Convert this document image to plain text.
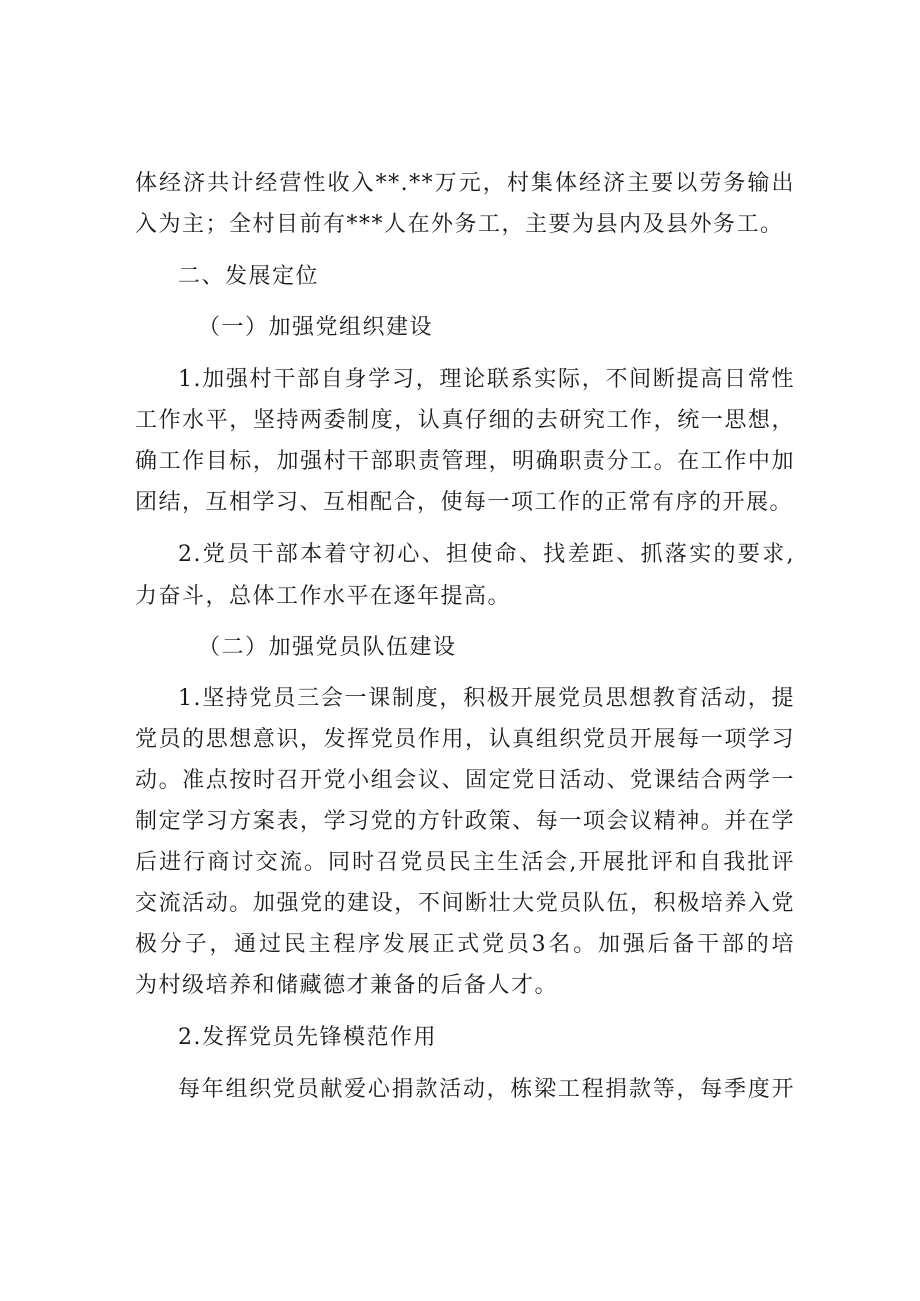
体经济共计经营性收入**.**万元，村集体经济主要以劳务输出
入为主；全村目前有***人在外务工，主要为县内及县外务工。
二、发展定位
（一）加强党组织建设
1.加强村干部自身学习，理论联系实际，不间断提高日常性
工作水平，坚持两委制度，认真仔细的去研究工作，统一思想，
确工作目标，加强村干部职责管理，明确职责分工。在工作中加
团结，互相学习、互相配合，使每一项工作的正常有序的开展。
2.党员干部本着守初心、担使命、找差距、抓落实的要求,
力奋斗，总体工作水平在逐年提高。
（二）加强党员队伍建设
1.坚持党员三会一课制度，积极开展党员思想教育活动，提
党员的思想意识，发挥党员作用，认真组织党员开展每一项学习
动。准点按时召开党小组会议、固定党日活动、党课结合两学一
制定学习方案表，学习党的方针政策、每一项会议精神。并在学
后进行商讨交流。同时召党员民主生活会,开展批评和自我批评
交流活动。加强党的建设，不间断壮大党员队伍，积极培养入党
极分子，通过民主程序发展正式党员3名。加强后备干部的培
为村级培养和储藏德才兼备的后备人才。
2.发挥党员先锋模范作用
每年组织党员献爱心捐款活动，栋梁工程捐款等，每季度开
